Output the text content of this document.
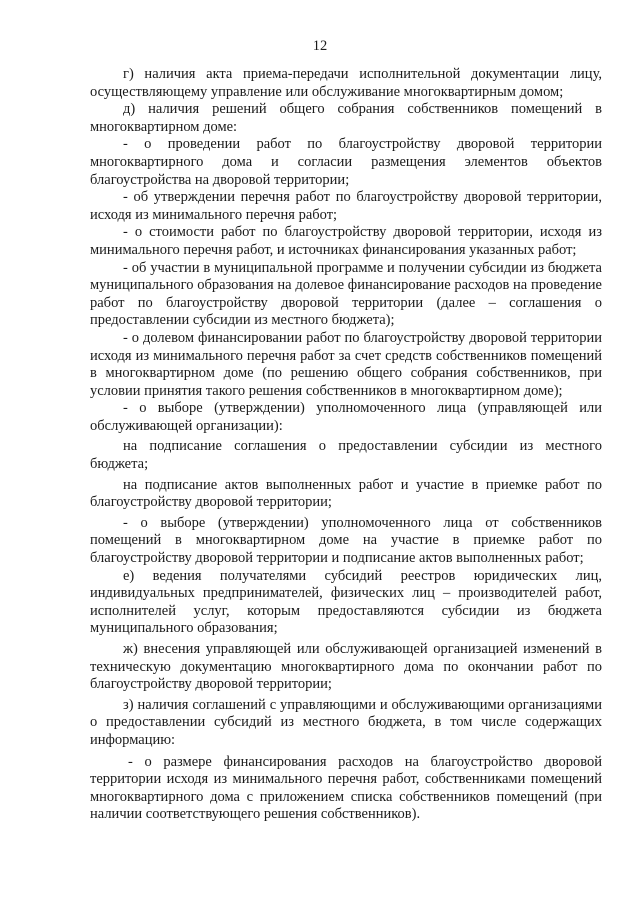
12

г) наличия акта приема-передачи исполнительной документации лицу, осуществляющему управление или обслуживание многоквартирным домом;

д) наличия решений общего собрания собственников помещений в многоквартирном доме:

- о проведении работ по благоустройству дворовой территории многоквартирного дома и согласии размещения элементов объектов благоустройства на дворовой территории;

- об утверждении перечня работ по благоустройству дворовой территории, исходя из минимального перечня работ;

- о стоимости работ по благоустройству дворовой территории, исходя из минимального перечня работ, и источниках финансирования указанных работ;

- об участии в муниципальной программе и получении субсидии из бюджета муниципального образования на долевое финансирование расходов на проведение работ по благоустройству дворовой территории (далее – соглашения о предоставлении субсидии из местного бюджета);

- о долевом финансировании работ по благоустройству дворовой территории исходя из минимального перечня работ за счет средств собственников помещений в многоквартирном доме (по решению общего собрания собственников, при условии принятия такого решения собственников в многоквартирном доме);

- о выборе (утверждении) уполномоченного лица (управляющей или обслуживающей организации):

на подписание соглашения о предоставлении субсидии из местного бюджета;

на подписание актов выполненных работ и участие в приемке работ по благоустройству дворовой территории;

- о выборе (утверждении) уполномоченного лица от собственников помещений в многоквартирном доме на участие в приемке работ по благоустройству дворовой территории и подписание актов выполненных работ;

е) ведения получателями субсидий реестров юридических лиц, индивидуальных предпринимателей, физических лиц – производителей работ, исполнителей услуг, которым предоставляются субсидии из бюджета муниципального образования;

ж) внесения управляющей или обслуживающей организацией изменений в техническую документацию многоквартирного дома по окончании работ по благоустройству дворовой территории;

з) наличия соглашений с управляющими и обслуживающими организациями о предоставлении субсидий из местного бюджета, в том числе содержащих информацию:

- о размере финансирования расходов на благоустройство дворовой территории исходя из минимального перечня работ, собственниками помещений многоквартирного дома с приложением списка собственников помещений (при наличии соответствующего решения собственников).
